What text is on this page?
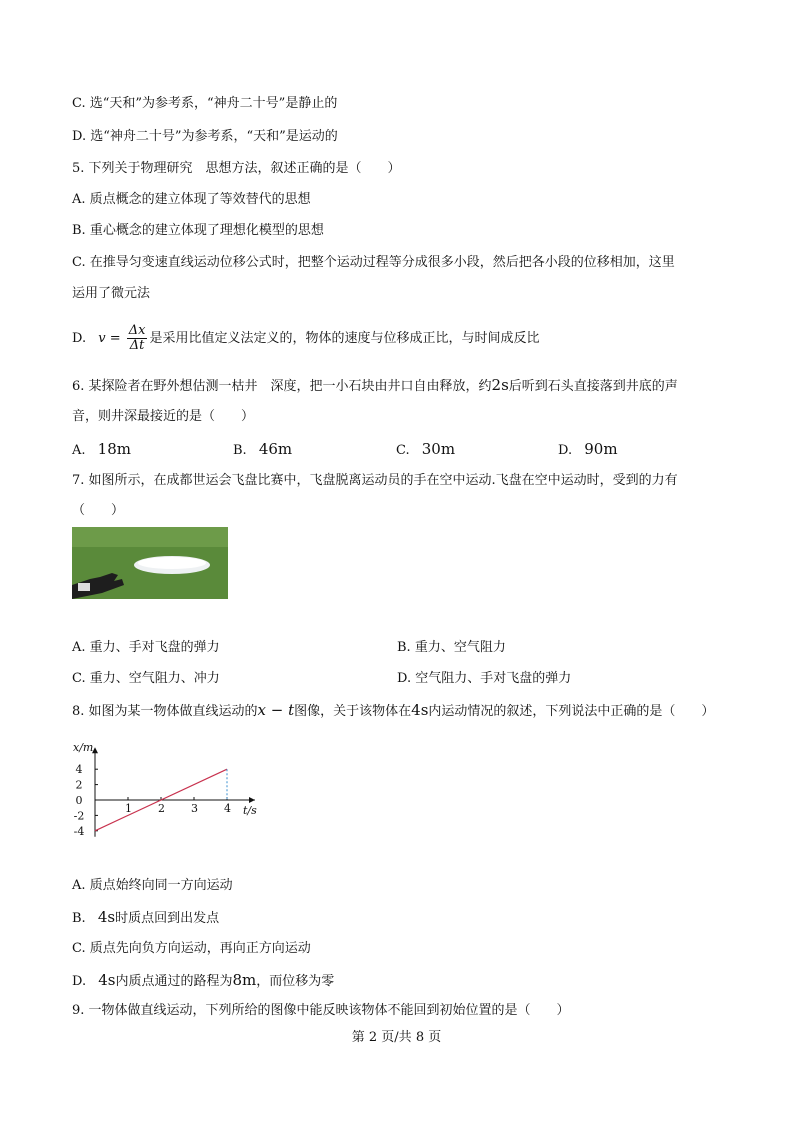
C. 选“天和”为参考系，“神舟二十号”是静止的
D. 选“神舟二十号”为参考系，“天和”是运动的
5. 下列关于物理研究　思想方法，叙述正确的是（　　）
A. 质点概念的建立体现了等效替代的思想
B. 重心概念的建立体现了理想化模型的思想
C. 在推导匀变速直线运动位移公式时，把整个运动过程等分成很多小段，然后把各小段的位移相加，这里
运用了微元法
D. $v = \frac{\Delta x}{\Delta t}$ 是采用比值定义法定义的，物体的速度与位移成正比，与时间成反比
6. 某探险者在野外想估测一枯井　深度，把一小石块由井口自由释放，约2s后听到石头直接落到井底的声
音，则井深最接近的是（　　）
A. 18m	B. 46m	C. 30m	D. 90m
7. 如图所示，在成都世运会飞盘比赛中，飞盘脱离运动员的手在空中运动.飞盘在空中运动时，受到的力有
（　　）
A. 重力、手对飞盘的弹力	B. 重力、空气阻力
C. 重力、空气阻力、冲力	D. 空气阻力、手对飞盘的弹力
8. 如图为某一物体做直线运动的x − t图像，关于该物体在4s内运动情况的叙述，下列说法中正确的是（　　）
x/m
t/s
1 2 3 4
4
2
0
-2
-4
A. 质点始终向同一方向运动
B. 4s时质点回到出发点
C. 质点先向负方向运动，再向正方向运动
D. 4s内质点通过的路程为8m，而位移为零
9. 一物体做直线运动，下列所给的图像中能反映该物体不能回到初始位置的是（　　）
第 2 页/共 8 页
